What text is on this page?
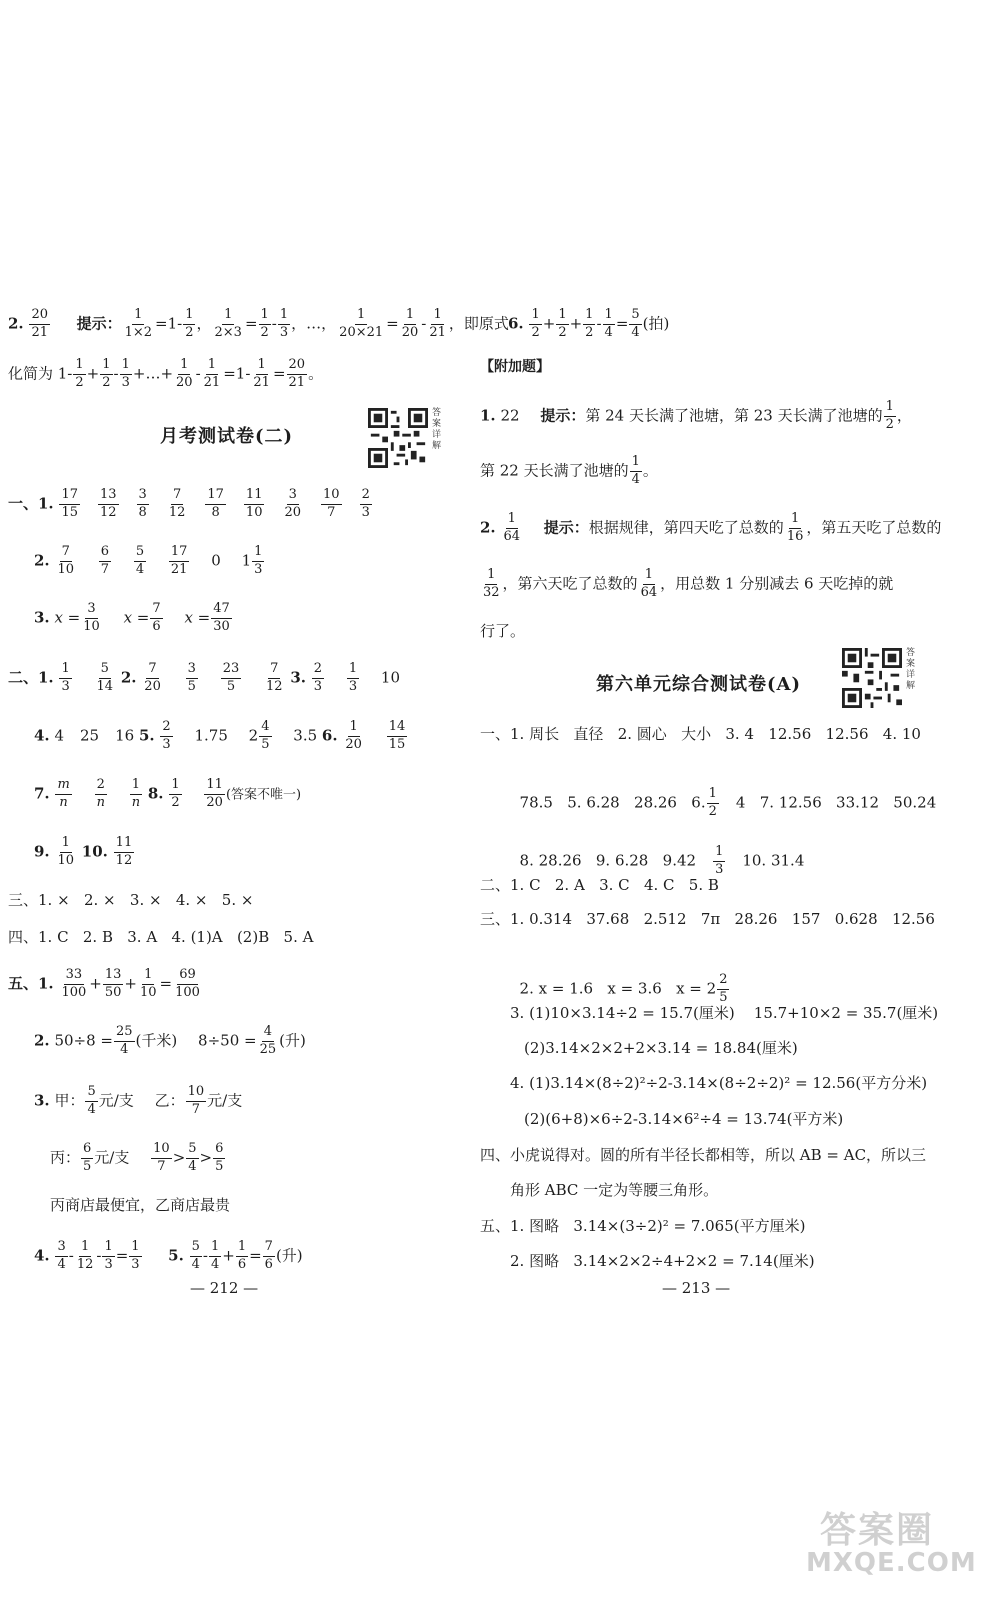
2. $\frac{20}{21}$ 提示： $\frac{1}{1\times 2} =1- \frac{1}{2}$ ， $\frac{1}{2\times 3} = \frac{1}{2} - \frac{1}{3}$ ，…， $\frac{1}{20\times 21} = \frac{1}{20} - \frac{1}{21}$ ，即原式
化简为 $1- \frac{1}{2} + \frac{1}{2} - \frac{1}{3}$ +…+ $\frac{1}{20} - \frac{1}{21} =1- \frac{1}{21} = \frac{20}{21}$ 。
月考测试卷(二)
答案详解
一、1. $\frac{17}{15} \frac{13}{12} \frac{3}{8} \frac{7}{12} \frac{17}{8} \frac{11}{10} \frac{3}{20} \frac{10}{7} \frac{2}{3}$
2. $\frac{7}{10}$
$\frac{6}{7}$
$\frac{5}{4}$
$\frac{17}{21} 0$ $1 \frac{1}{3}$
3. $x = \frac{3}{10}$ $x = \frac{7}{6}$ $x = \frac{47}{30}$
二、1. $\frac{1}{3}$
$\frac{5}{14} 2$. $\frac{7}{20}$
$\frac{3}{5}$
$\frac{23}{5}$
$\frac{7}{12} 3$. $\frac{2}{3}$
$\frac{1}{3} 10$
4. 4 25 16 5. $\frac{2}{3} 1.75$ $2 \frac{4}{5} 3.5$ 6. $\frac{1}{20}$
$\frac{14}{15}$
7. $\frac{m}{n}$
$\frac{2}{n}$
$\frac{1}{n} 8$. $\frac{1}{2}$
$\frac{11}{20}$ (答案不唯一)
9. $\frac{1}{10} 10$. $\frac{11}{12}$
三、1. ×   2. ×   3. ×   4. ×   5. ×
四、1. C   2. B   3. A   4. (1)A   (2)B   5. A
五、1. $\frac{33}{100} + \frac{13}{50} + \frac{1}{10} = \frac{69}{100}$
2. $50\div 8 = \frac{25}{4}$ (千米) $8\div 50 = \frac{4}{25}$ (升)
3. 甲： $\frac{5}{4}$ 元/支 乙： $\frac{10}{7}$ 元/支
丙： $\frac{6}{5}$ 元/支 $\frac{10}{7} > \frac{5}{4} > \frac{6}{5}$
丙商店最便宜，乙商店最贵
4. $\frac{3}{4} - \frac{1}{12} - \frac{1}{3} = \frac{1}{3} 5$. $\frac{5}{4} - \frac{1}{4} + \frac{1}{6} = \frac{7}{6}$ (升)
— 212 —
6. $\frac{1}{2} + \frac{1}{2} + \frac{1}{2} - \frac{1}{4} = \frac{5}{4}$ (拍)
【附加题】
1. 22 提示：第 24 天长满了池塘，第 23 天长满了池塘的 $\frac{1}{2}$ ，
第 22 天长满了池塘的 $\frac{1}{4}$ 。
2. $\frac{1}{64}$ 提示：根据规律，第四天吃了总数的 $\frac{1}{16}$ ，第五天吃了总数的
$\frac{1}{32}$ ，第六天吃了总数的 $\frac{1}{64}$ ，用总数 1 分别减去 6 天吃掉的就
行了。
第六单元综合测试卷(A)
答案详解
一、1. 周长   直径   2. 圆心   大小   3. 4   12.56   12.56   4. 10

78.5   5. 6.28   28.26   6. $\frac{1}{2} 4$   7. 12.56   33.12   50.24

8. 28.26   9. 6.28   $9.42 \frac{1}{3} 10$. 31.4

二、1. C   2. A   3. C   4. C   5. B
三、1. 0.314   37.68   2.512   7π   28.26   157   0.628   12.56

2. x = 1.6   x = 3.6   $x = 2 \frac{2}{5}$

3. (1)10×3.14÷2 = 15.7(厘米)    15.7+10×2 = 35.7(厘米)
(2)3.14×2×2+2×3.14 = 18.84(厘米)
4. (1)3.14×(8÷2)²÷2-3.14×(8÷2÷2)² = 12.56(平方分米)
(2)(6+8)×6÷2-3.14×6²÷4 = 13.74(平方米)
四、小虎说得对。圆的所有半径长都相等，所以 AB = AC，所以三
角形 ABC 一定为等腰三角形。
五、1. 图略   3.14×(3÷2)² = 7.065(平方厘米)
2. 图略   3.14×2×2÷4+2×2 = 7.14(厘米)
— 213 —
答案圈
MXQE.COM
